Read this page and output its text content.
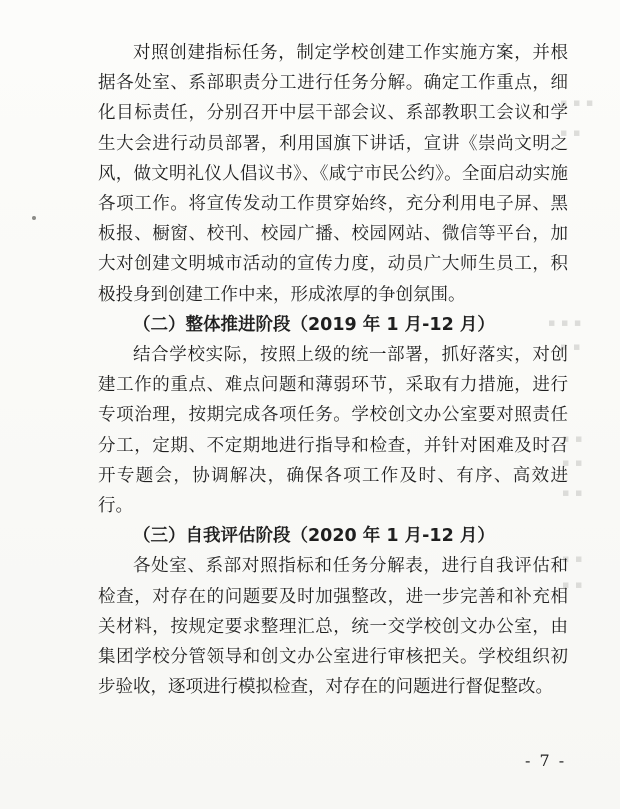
▪ ▪ ▪
▪ ▪
▪ ▪ ▪
▪ ▪
▪ ▪
▪ ▪
▪ ▪
▪ ▪
▪ ▪

对照创建指标任务，制定学校创建工作实施方案，并根据各处室、系部职责分工进行任务分解。确定工作重点，细化目标责任，分别召开中层干部会议、系部教职工会议和学生大会进行动员部署，利用国旗下讲话，宣讲《崇尚文明之风，做文明礼仪人倡议书》、《咸宁市民公约》。全面启动实施各项工作。将宣传发动工作贯穿始终，充分利用电子屏、黑板报、橱窗、校刊、校园广播、校园网站、微信等平台，加大对创建文明城市活动的宣传力度，动员广大师生员工，积极投身到创建工作中来，形成浓厚的争创氛围。

（二）整体推进阶段（2019 年 1 月-12 月）

结合学校实际，按照上级的统一部署，抓好落实，对创建工作的重点、难点问题和薄弱环节，采取有力措施，进行专项治理，按期完成各项任务。学校创文办公室要对照责任分工，定期、不定期地进行指导和检查，并针对困难及时召开专题会，协调解决，确保各项工作及时、有序、高效进行。

（三）自我评估阶段（2020 年 1 月-12 月）

各处室、系部对照指标和任务分解表，进行自我评估和检查，对存在的问题要及时加强整改，进一步完善和补充相关材料，按规定要求整理汇总，统一交学校创文办公室，由集团学校分管领导和创文办公室进行审核把关。学校组织初步验收，逐项进行模拟检查，对存在的问题进行督促整改。

- 7 -
